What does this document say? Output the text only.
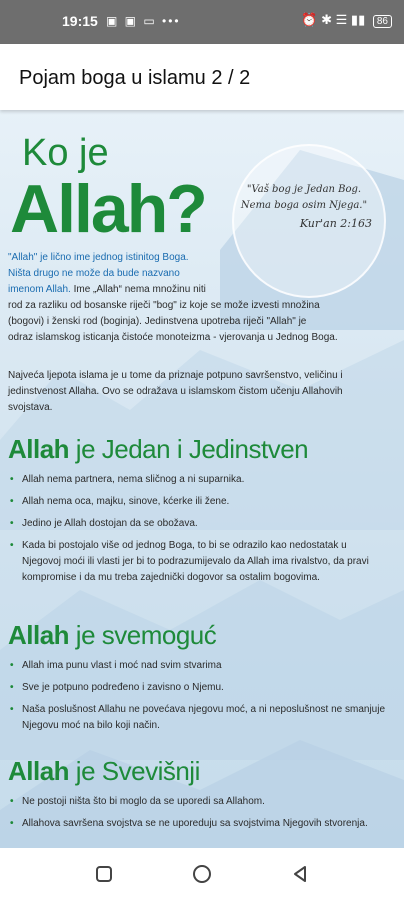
19:15 ▣ ▣ ▭ •••	⏰ ✱ ☰ ▮▮ 86
Pojam boga u islamu 2 / 2
Ko je
Allah?	"Vaš bog je Jedan Bog.
Nema boga osim Njega."
Kur'an 2:163
"Allah" je lično ime jednog istinitog Boga.
Ništa drugo ne može da bude nazvano
imenom Allah. Ime „Allah“ nema množinu niti
rod za razliku od bosanske riječi "bog" iz koje se može izvesti množina
(bogovi) i ženski rod (boginja). Jedinstvena upotreba riječi "Allah" je
odraz islamskog isticanja čistoće monoteizma - vjerovanja u Jednog Boga.
Najveća ljepota islama je u tome da priznaje potpuno savršenstvo, veličinu i jedinstvenost Allaha. Ovo se odražava u islamskom čistom učenju Allahovih svojstava.
Allah je Jedan i Jedinstven
• Allah nema partnera, nema sličnog a ni suparnika.
• Allah nema oca, majku, sinove, kćerke ili žene.
• Jedino je Allah dostojan da se obožava.
• Kada bi postojalo više od jednog Boga, to bi se odrazilo kao nedostatak u Njegovoj moći ili vlasti jer bi to podrazumijevalo da Allah ima rivalstvo, da pravi kompromise i da mu treba zajednički dogovor sa ostalim bogovima.
Allah je svemoguć
• Allah ima punu vlast i moć nad svim stvarima
• Sve je potpuno podređeno i zavisno o Njemu.
• Naša poslušnost Allahu ne povećava njegovu moć, a ni neposlušnost ne smanjuje Njegovu moć na bilo koji način.
Allah je Svevišnji
• Ne postoji ništa što bi moglo da se uporedi sa Allahom.
• Allahova savršena svojstva se ne uporeduju sa svojstvima Njegovih stvorenja.
